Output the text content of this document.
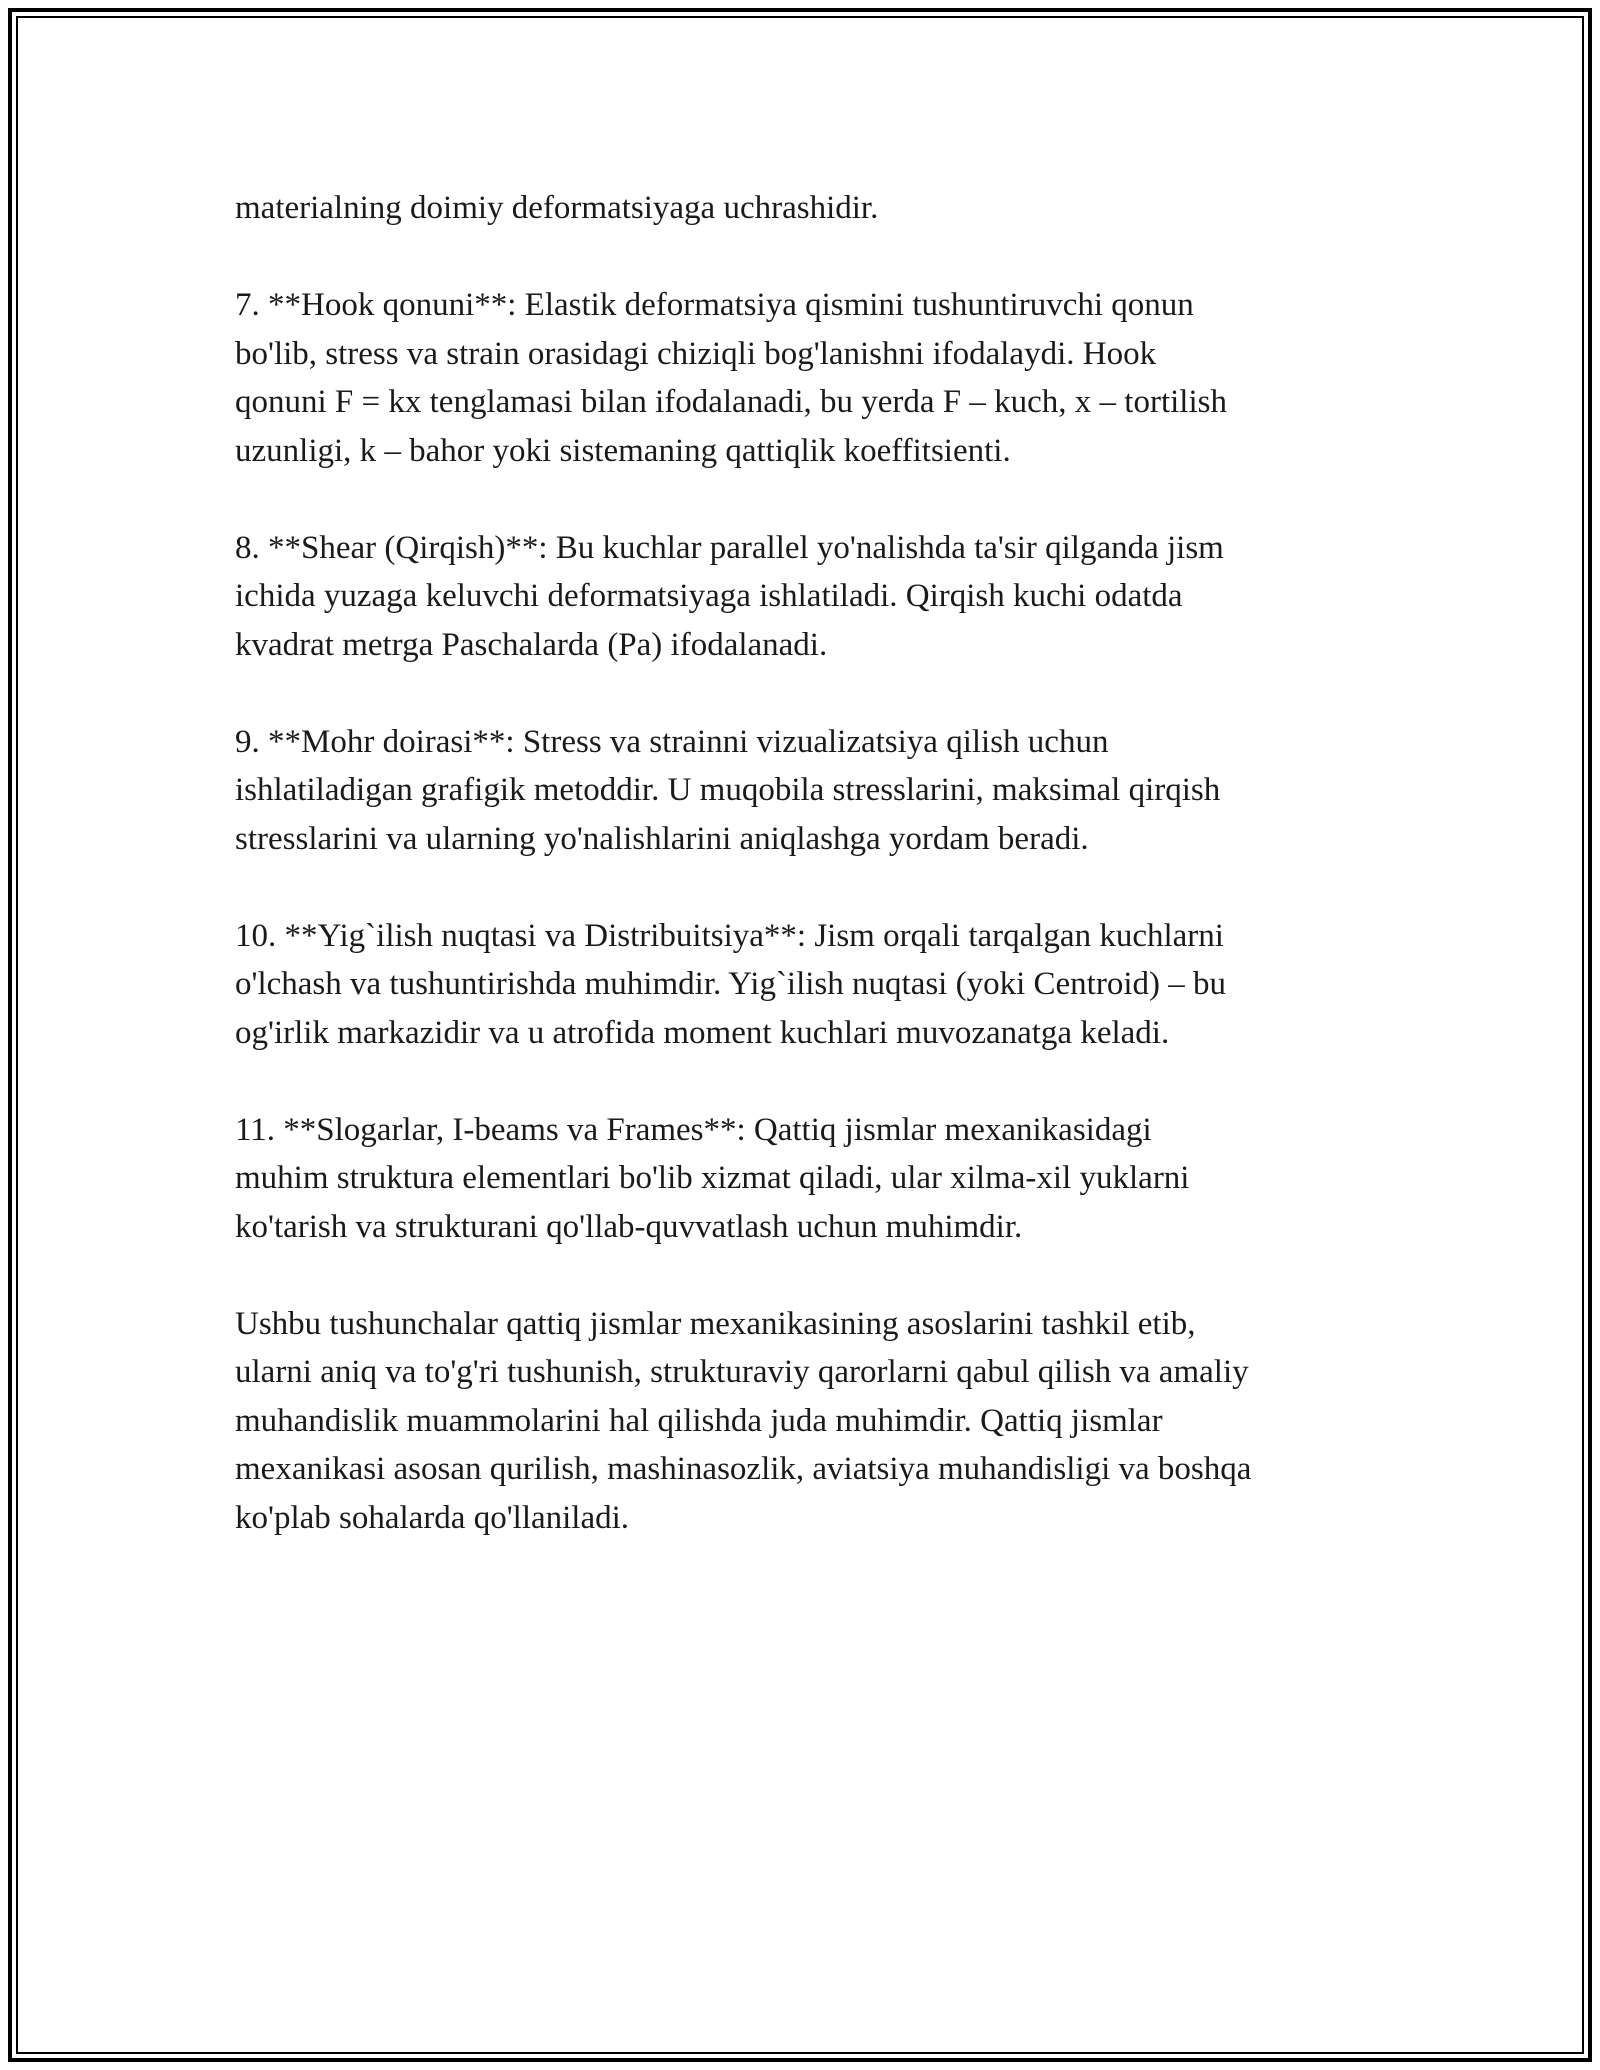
materialning doimiy deformatsiyaga uchrashidir.

7. **Hook qonuni**: Elastik deformatsiya qismini tushuntiruvchi qonun
bo'lib, stress va strain orasidagi chiziqli bog'lanishni ifodalaydi. Hook
qonuni F = kx tenglamasi bilan ifodalanadi, bu yerda F – kuch, x – tortilish
uzunligi, k – bahor yoki sistemaning qattiqlik koeffitsienti.

8. **Shear (Qirqish)**: Bu kuchlar parallel yo'nalishda ta'sir qilganda jism
ichida yuzaga keluvchi deformatsiyaga ishlatiladi. Qirqish kuchi odatda
kvadrat metrga Paschalarda (Pa) ifodalanadi.

9. **Mohr doirasi**: Stress va strainni vizualizatsiya qilish uchun
ishlatiladigan grafigik metoddir. U muqobila stresslarini, maksimal qirqish
stresslarini va ularning yo'nalishlarini aniqlashga yordam beradi.

10. **Yig`ilish nuqtasi va Distribuitsiya**: Jism orqali tarqalgan kuchlarni
o'lchash va tushuntirishda muhimdir. Yig`ilish nuqtasi (yoki Centroid) – bu
og'irlik markazidir va u atrofida moment kuchlari muvozanatga keladi.

11. **Slogarlar, I-beams va Frames**: Qattiq jismlar mexanikasidagi
muhim struktura elementlari bo'lib xizmat qiladi, ular xilma-xil yuklarni
ko'tarish va strukturani qo'llab-quvvatlash uchun muhimdir.

Ushbu tushunchalar qattiq jismlar mexanikasining asoslarini tashkil etib,
ularni aniq va to'g'ri tushunish, strukturaviy qarorlarni qabul qilish va amaliy
muhandislik muammolarini hal qilishda juda muhimdir. Qattiq jismlar
mexanikasi asosan qurilish, mashinasozlik, aviatsiya muhandisligi va boshqa
ko'plab sohalarda qo'llaniladi.
